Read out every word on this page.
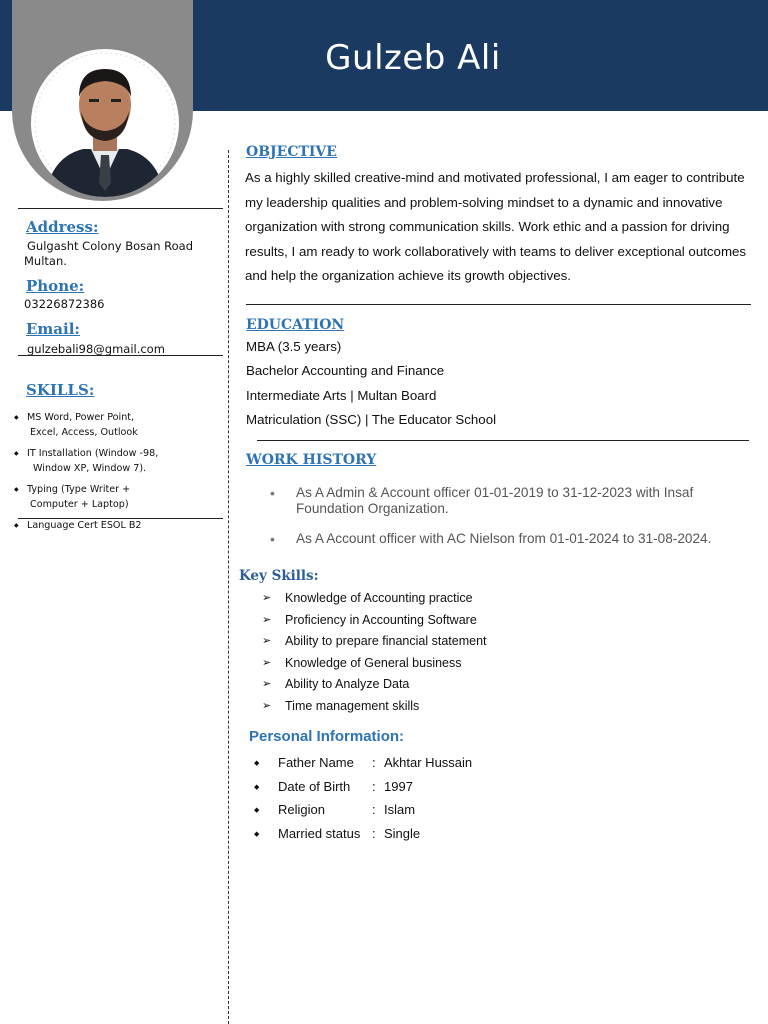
Gulzeb Ali
Address:
Gulgasht Colony Bosan Road
Multan.
Phone:
03226872386
Email:
gulzebali98@gmail.com
SKILLS:
◆ MS Word, Power Point,

Excel, Access, Outlook
◆ IT Installation (Window -98,

Window XP, Window 7).
◆ Typing (Type Writer +

Computer + Laptop)
◆ Language Cert ESOL B2
OBJECTIVE
As a highly skilled creative-mind and motivated professional, I am eager to contribute my leadership qualities and problem-solving mindset to a dynamic and innovative organization with strong communication skills. Work ethic and a passion for driving results, I am ready to work collaboratively with teams to deliver exceptional outcomes and help the organization achieve its growth objectives.
EDUCATION
MBA (3.5 years)
Bachelor Accounting and Finance
Intermediate Arts | Multan Board
Matriculation (SSC) | The Educator School
WORK HISTORY
• As A Admin & Account officer 01-01-2019 to 31-12-2023 with Insaf Foundation Organization.
• As A Account officer with AC Nielson from 01-01-2024 to 31-08-2024.
Key Skills:
➢ Knowledge of Accounting practice
➢ Proficiency in Accounting Software
➢ Ability to prepare financial statement
➢ Knowledge of General business
➢ Ability to Analyze Data
➢ Time management skills
Personal Information:
◆ Father Name : Akhtar Hussain
◆ Date of Birth : 1997
◆ Religion	: Islam
◆ Married status : Single
